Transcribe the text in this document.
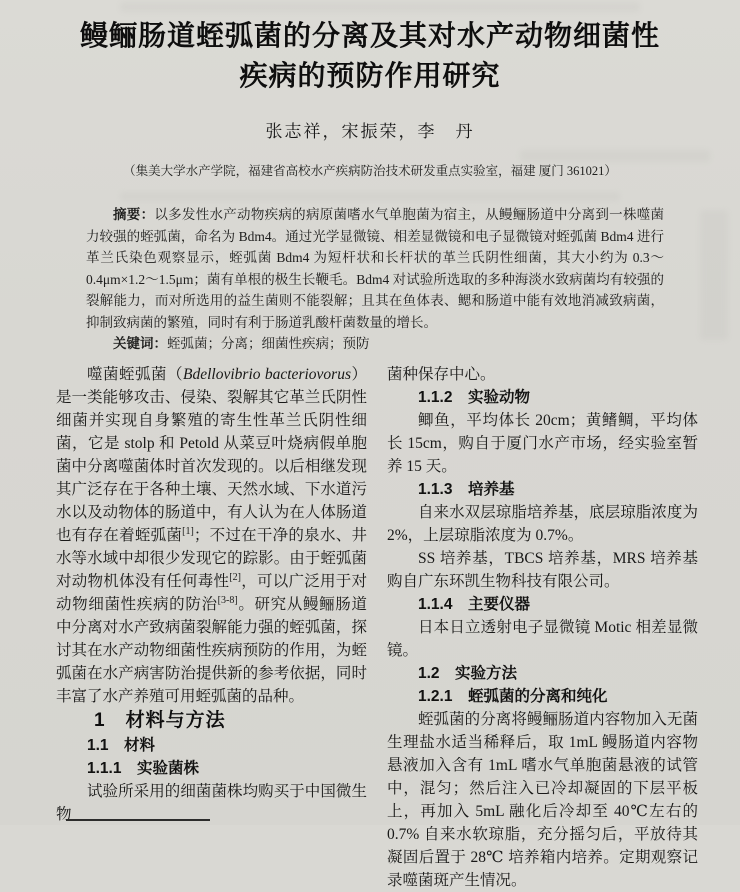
鳗鲡肠道蛭弧菌的分离及其对水产动物细菌性
疾病的预防作用研究
张志祥，宋振荣，李　丹
（集美大学水产学院，福建省高校水产疾病防治技术研发重点实验室，福建 厦门 361021）

摘要：以多发性水产动物疾病的病原菌嗜水气单胞菌为宿主，从鳗鲡肠道中分离到一株噬菌力较强的蛭弧菌，命名为 Bdm4。通过光学显微镜、相差显微镜和电子显微镜对蛭弧菌 Bdm4 进行革兰氏染色观察显示，蛭弧菌 Bdm4 为短杆状和长杆状的革兰氏阴性细菌，其大小约为 0.3～0.4μm×1.2～1.5μm；菌有单根的极生长鞭毛。Bdm4 对试验所选取的多种海淡水致病菌均有较强的裂解能力，而对所选用的益生菌则不能裂解；且其在鱼体表、鳃和肠道中能有效地消减致病菌，抑制致病菌的繁殖，同时有利于肠道乳酸杆菌数量的增长。

关键词：蛭弧菌；分离；细菌性疾病；预防

噬菌蛭弧菌（Bdellovibrio bacteriovorus）是一类能够攻击、侵染、裂解其它革兰氏阴性细菌并实现自身繁殖的寄生性革兰氏阴性细菌，它是 stolp 和 Petold 从菜豆叶烧病假单胞菌中分离噬菌体时首次发现的。以后相继发现其广泛存在于各种土壤、天然水域、下水道污水以及动物体的肠道中，有人认为在人体肠道也有存在着蛭弧菌[1]；不过在干净的泉水、井水等水域中却很少发现它的踪影。由于蛭弧菌对动物机体没有任何毒性[2]，可以广泛用于对动物细菌性疾病的防治[3-8]。研究从鳗鲡肠道中分离对水产致病菌裂解能力强的蛭弧菌，探讨其在水产动物细菌性疾病预防的作用，为蛭弧菌在水产病害防治提供新的参考依据，同时丰富了水产养殖可用蛭弧菌的品种。

1　材料与方法

1.1　材料

1.1.1　实验菌株

试验所采用的细菌菌株均购买于中国微生物

菌种保存中心。

1.1.2　实验动物

鲫鱼，平均体长 20cm；黄鳍鲷，平均体长 15cm，购自于厦门水产市场，经实验室暂养 15 天。

1.1.3　培养基

自来水双层琼脂培养基，底层琼脂浓度为 2%，上层琼脂浓度为 0.7%。

SS 培养基，TBCS 培养基，MRS 培养基购自广东环凯生物科技有限公司。

1.1.4　主要仪器

日本日立透射电子显微镜 Motic 相差显微镜。

1.2　实验方法

1.2.1　蛭弧菌的分离和纯化

蛭弧菌的分离将鳗鲡肠道内容物加入无菌生理盐水适当稀释后，取 1mL 鳗肠道内容物悬液加入含有 1mL 嗜水气单胞菌悬液的试管中，混匀；然后注入已冷却凝固的下层平板上，再加入 5mL 融化后冷却至 40℃左右的 0.7% 自来水软琼脂，充分摇匀后，平放待其凝固后置于 28℃ 培养箱内培养。定期观察记录噬菌斑产生情况。
